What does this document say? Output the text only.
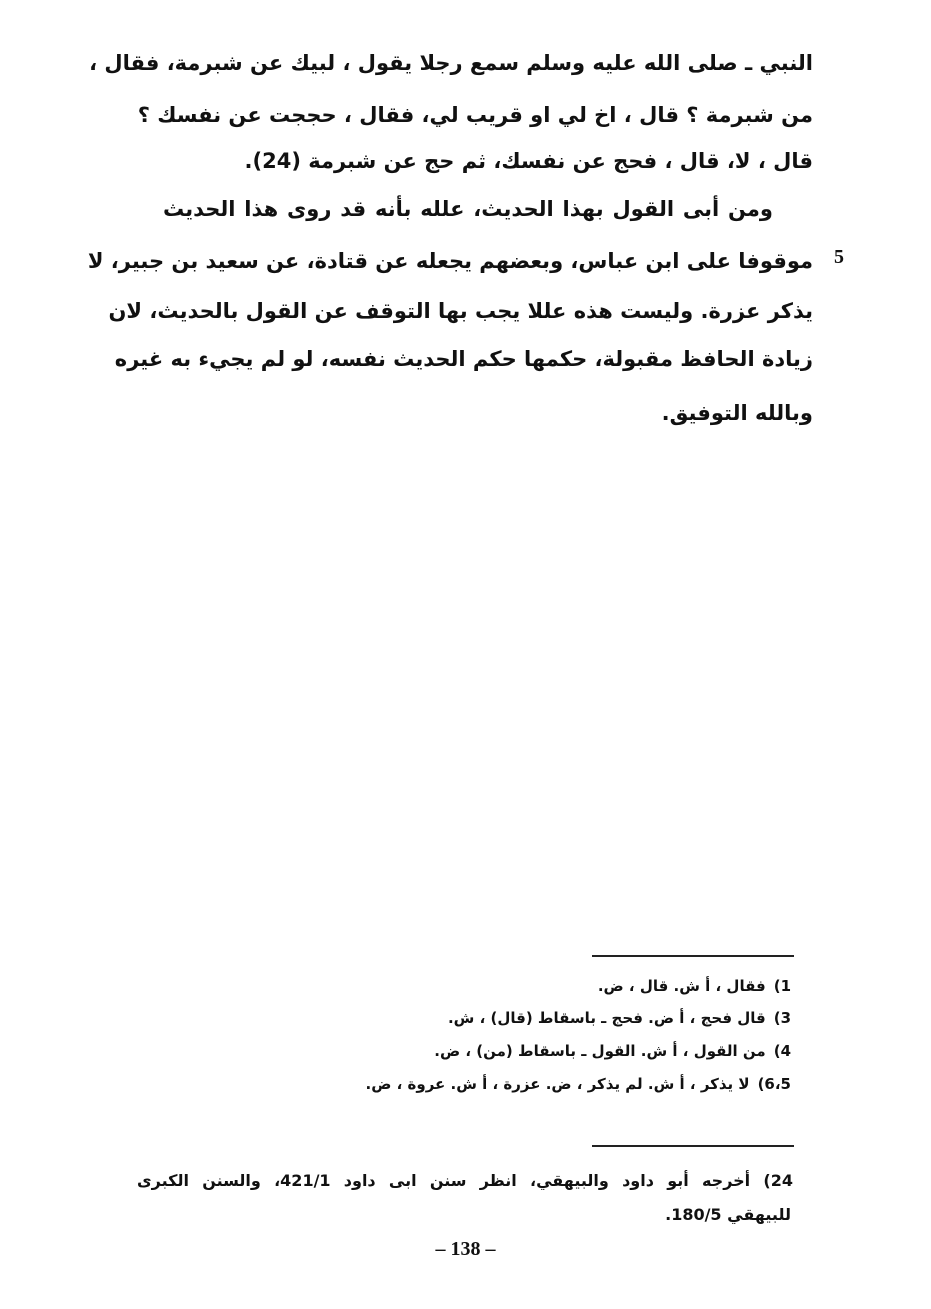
النبي ـ صلى الله عليه وسلم سمع رجلا يقول ، لبيك عن شبرمة، فقال ،
من شبرمة ؟ قال ، اخ لي او قريب لي، فقال ، حججت عن نفسك ؟
قال ، لا، قال ، فحج عن نفسك، ثم حج عن شبرمة (24).
ومن أبى القول بهذا الحديث، علله بأنه قد روى هذا الحديث
موقوفا على ابن عباس، وبعضهم يجعله عن قتادة، عن سعيد بن جبير، لا
يذكر عزرة. وليست هذه عللا يجب بها التوقف عن القول بالحديث، لان
زيادة الحافظ مقبولة، حكمها حكم الحديث نفسه، لو لم يجيء به غيره
وبالله التوفيق.
5
1)فقال ، أ ش. قال ، ض.
3)قال فحج ، أ ض. فحج ـ باسقاط (قال) ، ش.
4)من القول ، أ ش. القول ـ باسقاط (من) ، ض.
6،5)لا يذكر ، أ ش. لم يذكر ، ض. عزرة ، أ ش. عروة ، ض.
24) أخرجه أبو داود والبيهقي، انظر سنن ابى داود 421/1، والسنن الكبرى
للبيهقي 180/5.
– 138 –
